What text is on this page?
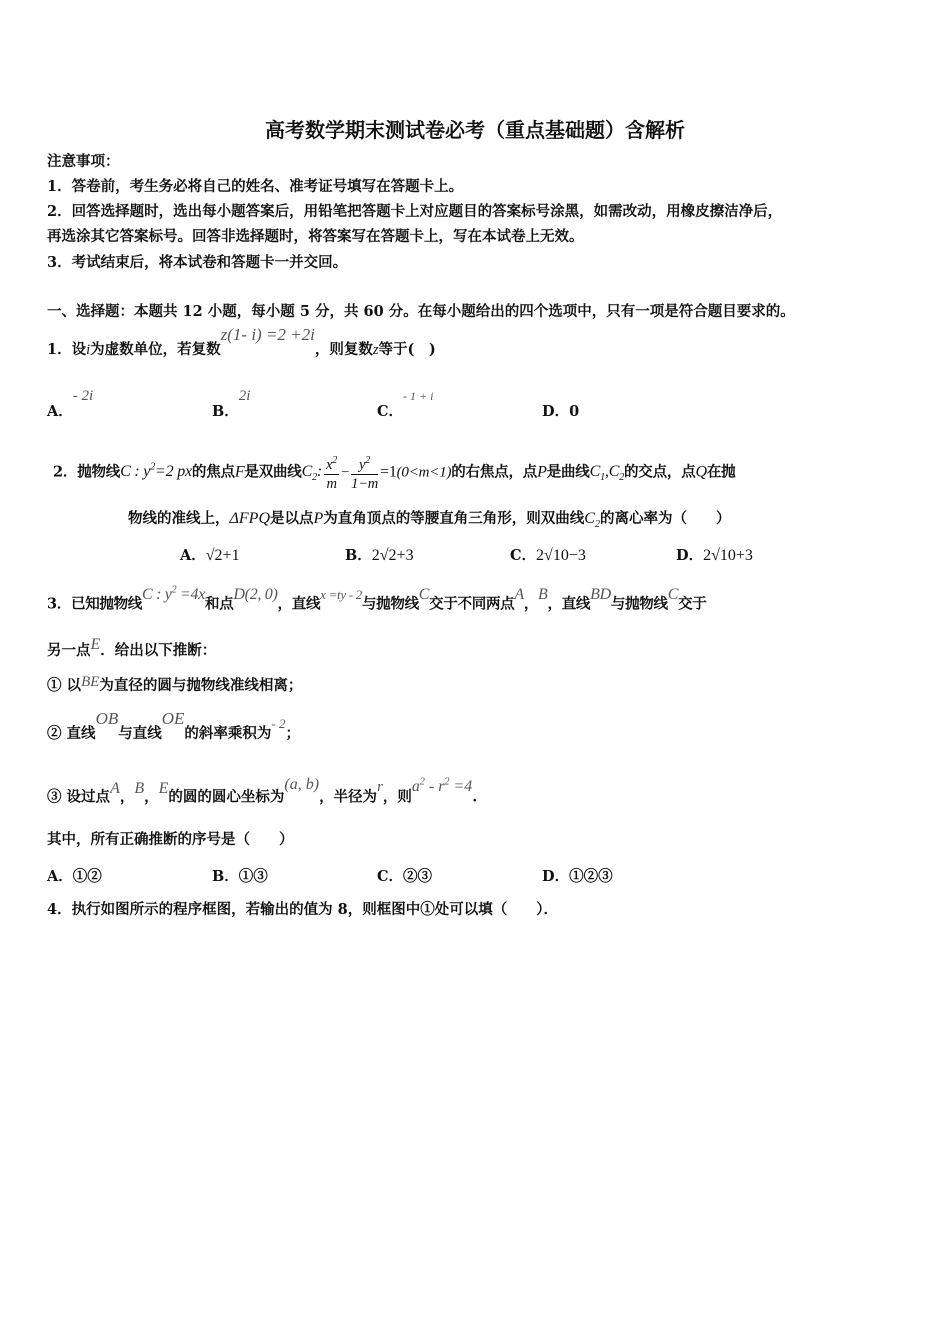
高考数学期末测试卷必考（重点基础题）含解析
注意事项：
1．答卷前，考生务必将自己的姓名、准考证号填写在答题卡上。
2．回答选择题时，选出每小题答案后，用铅笔把答题卡上对应题目的答案标号涂黑，如需改动，用橡皮擦洁净后，
再选涂其它答案标号。回答非选择题时，将答案写在答题卡上，写在本试卷上无效。
3．考试结束后，将本试卷和答题卡一并交回。
一、选择题：本题共 12 小题，每小题 5 分，共 60 分。在每小题给出的四个选项中，只有一项是符合题目要求的。
1．设i为虚数单位，若复数z(1- i) =2 +2i，则复数z等于(　)
A．- 2i
B．2i
C．- 1 + i
D．0
2．抛物线C : $y^2=2$ px的焦点F是双曲线$C_2$: $\frac{x^2}{m} - \frac{y^2}{1-m} =1(0<m<1)$的右焦点，点P是曲线$C_1,C_2$的交点，点Q在抛
物线的准线上，ΔFPQ是以点P为直角顶点的等腰直角三角形，则双曲线$C_2$的离心率为（　　）
A．√2+1	B．2√2+3	C．2√10−3	D．2√10+3
3．已知抛物线C : $y^2 =4x$和点D(2, 0)，直线x =ty - 2与抛物线C交于不同两点A，B，直线BD与抛物线C交于
另一点E．给出以下推断：
① 以BE为直径的圆与抛物线准线相离；
② 直线OB与直线OE的斜率乘积为- 2；
③ 设过点A，B，E的圆的圆心坐标为(a, b)，半径为r，则$a^2 - r^2 =4$.
其中，所有正确推断的序号是（　　）
A．①②	B．①③	C．②③	D．①②③
4．执行如图所示的程序框图，若输出的值为 8，则框图中①处可以填（　　）．
